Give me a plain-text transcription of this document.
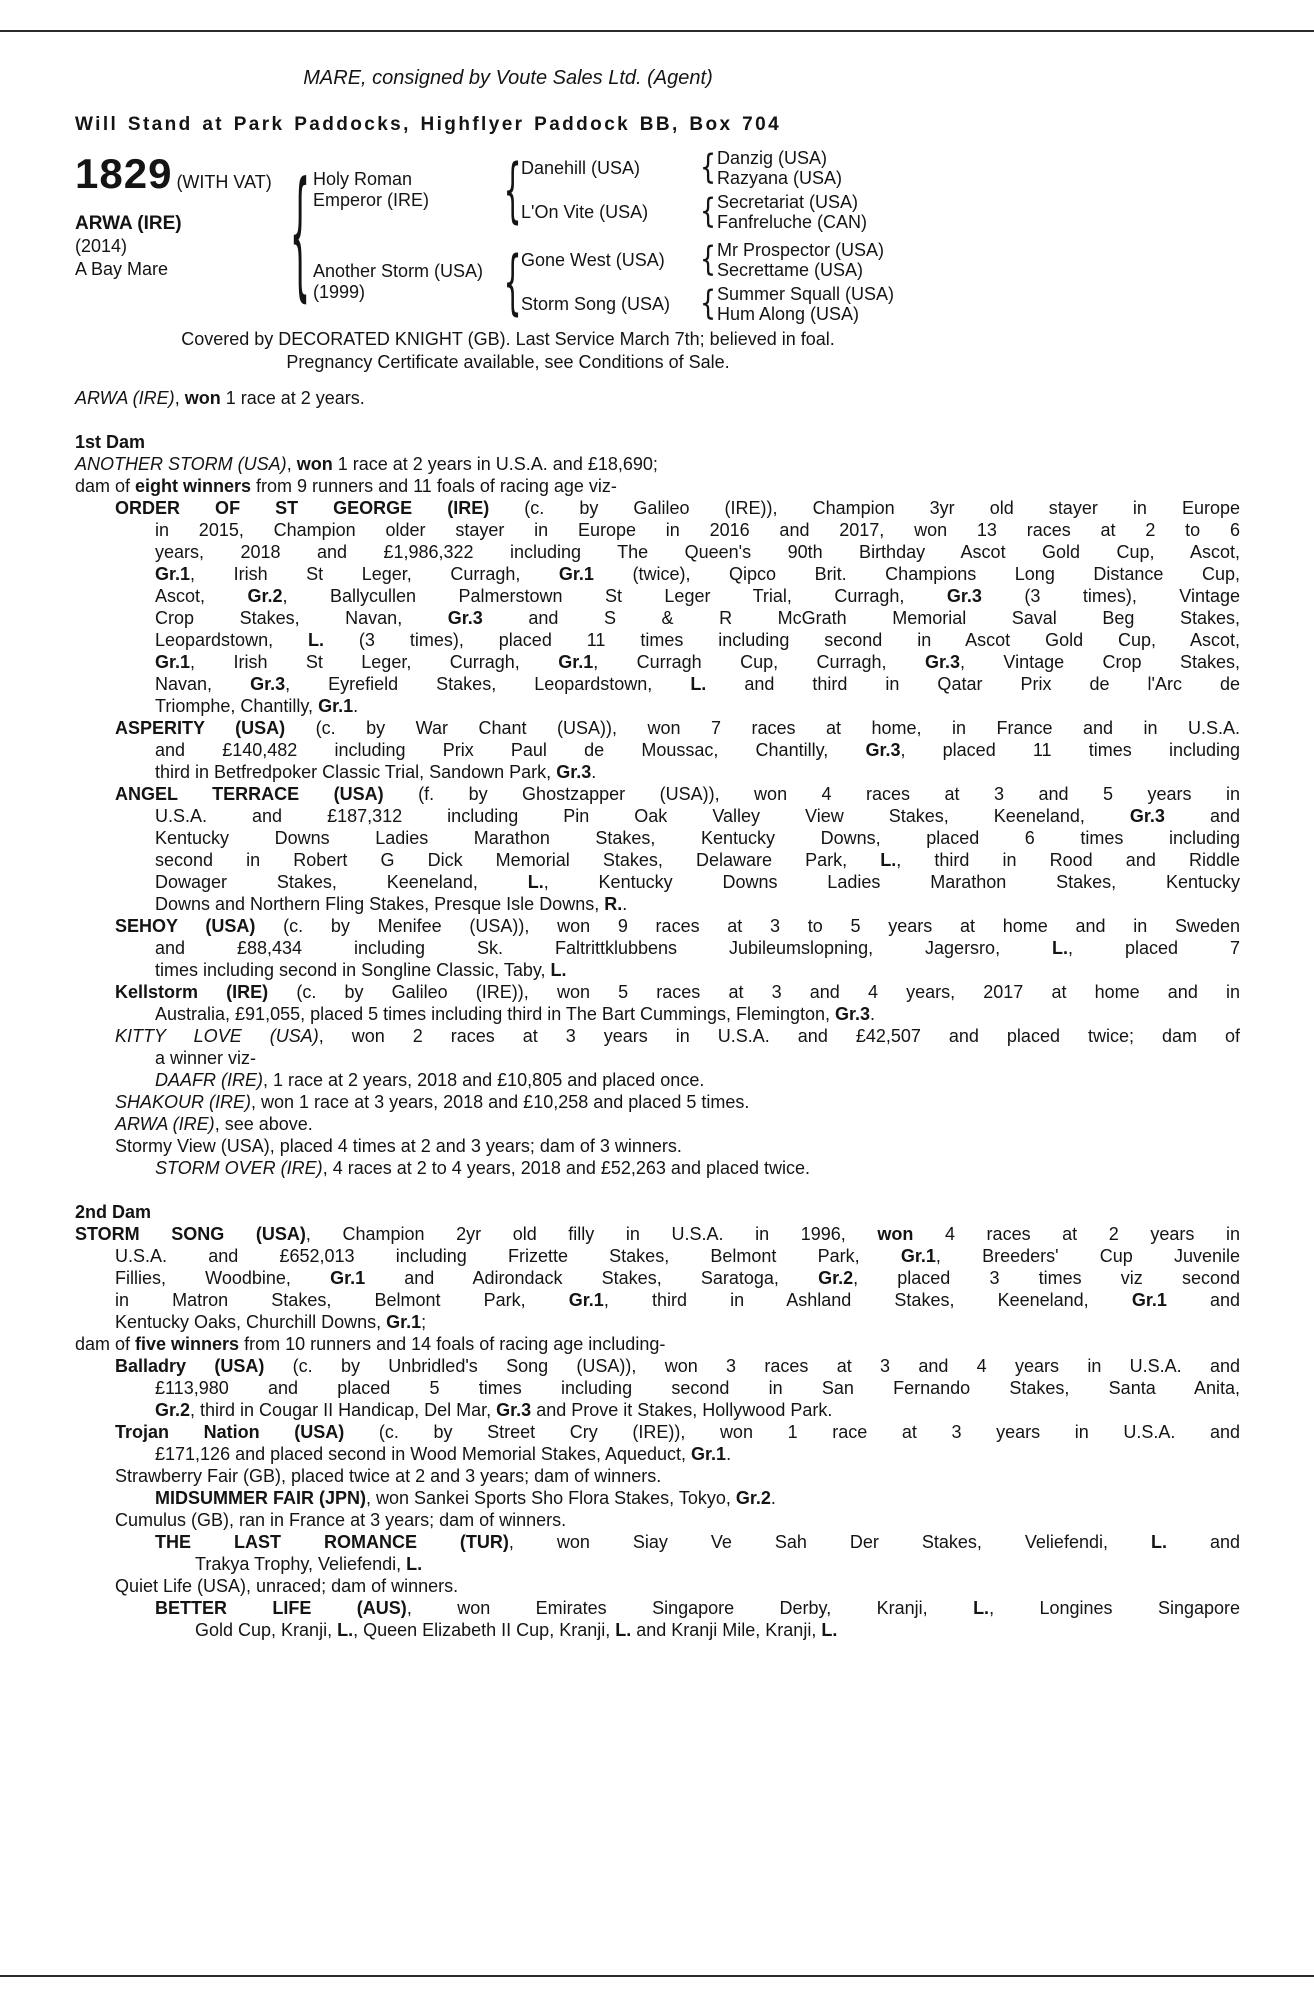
MARE, consigned by Voute Sales Ltd. (Agent)
Will Stand at Park Paddocks, Highflyer Paddock BB, Box 704
1829 (WITH VAT)
ARWA (IRE)
(2014)
A Bay Mare	{ Holy Roman
Emperor (IRE)	{ Danehill (USA)	{ Danzig (USA)
Razyana (USA)
L'On Vite (USA)	{ Secretariat (USA)
Fanfreluche (CAN)
Another Storm (USA)
(1999)	{ Gone West (USA) { Mr Prospector (USA)
Secrettame (USA)
Storm Song (USA) { Summer Squall (USA)
Hum Along (USA)
Covered by DECORATED KNIGHT (GB). Last Service March 7th; believed in foal.
Pregnancy Certificate available, see Conditions of Sale.
ARWA (IRE), won 1 race at 2 years.
1st Dam
ANOTHER STORM (USA), won 1 race at 2 years in U.S.A. and £18,690;
dam of eight winners from 9 runners and 11 foals of racing age viz-
ORDER OF ST GEORGE (IRE) (c. by Galileo (IRE)), Champion 3yr old stayer in Europe
in 2015, Champion older stayer in Europe in 2016 and 2017, won 13 races at 2 to 6
years, 2018 and £1,986,322 including The Queen's 90th Birthday Ascot Gold Cup, Ascot,
Gr.1, Irish St Leger, Curragh, Gr.1 (twice), Qipco Brit. Champions Long Distance Cup,
Ascot, Gr.2, Ballycullen Palmerstown St Leger Trial, Curragh, Gr.3 (3 times), Vintage
Crop Stakes, Navan, Gr.3 and S & R McGrath Memorial Saval Beg Stakes,
Leopardstown, L. (3 times), placed 11 times including second in Ascot Gold Cup, Ascot,
Gr.1, Irish St Leger, Curragh, Gr.1, Curragh Cup, Curragh, Gr.3, Vintage Crop Stakes,
Navan, Gr.3, Eyrefield Stakes, Leopardstown, L. and third in Qatar Prix de l'Arc de
Triomphe, Chantilly, Gr.1.
ASPERITY (USA) (c. by War Chant (USA)), won 7 races at home, in France and in U.S.A.
and £140,482 including Prix Paul de Moussac, Chantilly, Gr.3, placed 11 times including
third in Betfredpoker Classic Trial, Sandown Park, Gr.3.
ANGEL TERRACE (USA) (f. by Ghostzapper (USA)), won 4 races at 3 and 5 years in
U.S.A. and £187,312 including Pin Oak Valley View Stakes, Keeneland, Gr.3 and
Kentucky Downs Ladies Marathon Stakes, Kentucky Downs, placed 6 times including
second in Robert G Dick Memorial Stakes, Delaware Park, L., third in Rood and Riddle
Dowager Stakes, Keeneland, L., Kentucky Downs Ladies Marathon Stakes, Kentucky
Downs and Northern Fling Stakes, Presque Isle Downs, R..
SEHOY (USA) (c. by Menifee (USA)), won 9 races at 3 to 5 years at home and in Sweden
and £88,434 including Sk. Faltrittklubbens Jubileumslopning, Jagersro, L., placed 7
times including second in Songline Classic, Taby, L.
Kellstorm (IRE) (c. by Galileo (IRE)), won 5 races at 3 and 4 years, 2017 at home and in
Australia, £91,055, placed 5 times including third in The Bart Cummings, Flemington, Gr.3.
KITTY LOVE (USA), won 2 races at 3 years in U.S.A. and £42,507 and placed twice; dam of
a winner viz-
DAAFR (IRE), 1 race at 2 years, 2018 and £10,805 and placed once.
SHAKOUR (IRE), won 1 race at 3 years, 2018 and £10,258 and placed 5 times.
ARWA (IRE), see above.
Stormy View (USA), placed 4 times at 2 and 3 years; dam of 3 winners.
STORM OVER (IRE), 4 races at 2 to 4 years, 2018 and £52,263 and placed twice.
2nd Dam
STORM SONG (USA), Champion 2yr old filly in U.S.A. in 1996, won 4 races at 2 years in
U.S.A. and £652,013 including Frizette Stakes, Belmont Park, Gr.1, Breeders' Cup Juvenile
Fillies, Woodbine, Gr.1 and Adirondack Stakes, Saratoga, Gr.2, placed 3 times viz second
in Matron Stakes, Belmont Park, Gr.1, third in Ashland Stakes, Keeneland, Gr.1 and
Kentucky Oaks, Churchill Downs, Gr.1;
dam of five winners from 10 runners and 14 foals of racing age including-
Balladry (USA) (c. by Unbridled's Song (USA)), won 3 races at 3 and 4 years in U.S.A. and
£113,980 and placed 5 times including second in San Fernando Stakes, Santa Anita,
Gr.2, third in Cougar II Handicap, Del Mar, Gr.3 and Prove it Stakes, Hollywood Park.
Trojan Nation (USA) (c. by Street Cry (IRE)), won 1 race at 3 years in U.S.A. and
£171,126 and placed second in Wood Memorial Stakes, Aqueduct, Gr.1.
Strawberry Fair (GB), placed twice at 2 and 3 years; dam of winners.
MIDSUMMER FAIR (JPN), won Sankei Sports Sho Flora Stakes, Tokyo, Gr.2.
Cumulus (GB), ran in France at 3 years; dam of winners.
THE LAST ROMANCE (TUR), won Siay Ve Sah Der Stakes, Veliefendi, L. and
Trakya Trophy, Veliefendi, L.
Quiet Life (USA), unraced; dam of winners.
BETTER LIFE (AUS), won Emirates Singapore Derby, Kranji, L., Longines Singapore
Gold Cup, Kranji, L., Queen Elizabeth II Cup, Kranji, L. and Kranji Mile, Kranji, L.
